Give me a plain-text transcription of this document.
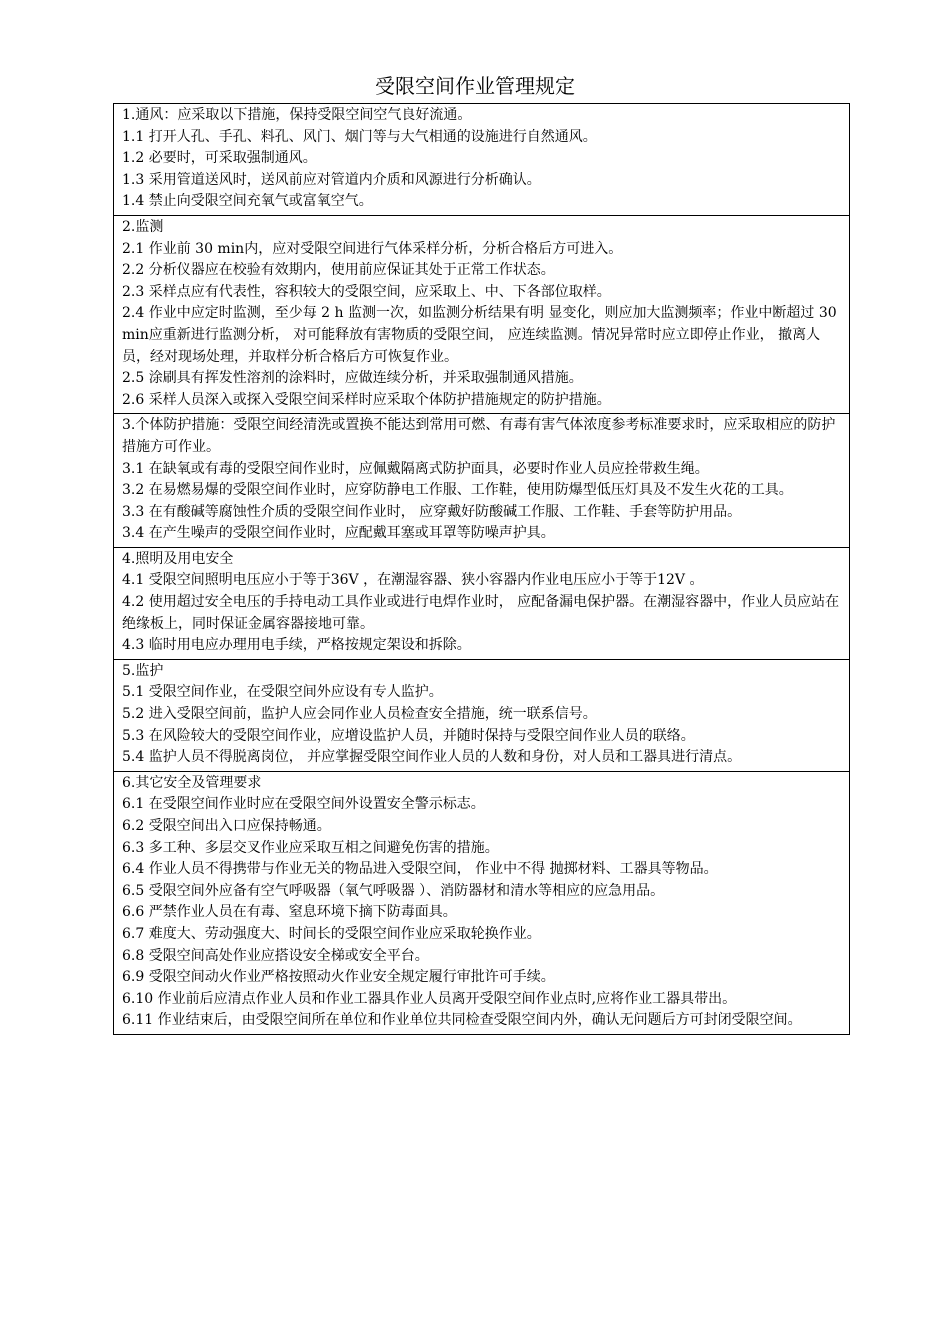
受限空间作业管理规定
1.通风：应采取以下措施，保持受限空间空气良好流通。
1.1 打开人孔、手孔、料孔、风门、烟门等与大气相通的设施进行自然通风。
1.2 必要时，可采取强制通风。
1.3 采用管道送风时，送风前应对管道内介质和风源进行分析确认。
1.4 禁止向受限空间充氧气或富氧空气。
2.监测
2.1 作业前 30 min内，应对受限空间进行气体采样分析，分析合格后方可进入。
2.2 分析仪器应在校验有效期内，使用前应保证其处于正常工作状态。
2.3 采样点应有代表性，容积较大的受限空间，应采取上、中、下各部位取样。
2.4 作业中应定时监测，至少每 2 h 监测一次，如监测分析结果有明 显变化，则应加大监测频率；作业中断超过 30 min应重新进行监测分析， 对可能释放有害物质的受限空间， 应连续监测。情况异常时应立即停止作业， 撤离人员，经对现场处理，并取样分析合格后方可恢复作业。
2.5 涂刷具有挥发性溶剂的涂料时，应做连续分析，并采取强制通风措施。
2.6 采样人员深入或探入受限空间采样时应采取个体防护措施规定的防护措施。
3.个体防护措施：受限空间经清洗或置换不能达到常用可燃、有毒有害气体浓度参考标准要求时，应采取相应的防护措施方可作业。
3.1 在缺氧或有毒的受限空间作业时，应佩戴隔离式防护面具，必要时作业人员应拴带救生绳。
3.2 在易燃易爆的受限空间作业时，应穿防静电工作服、工作鞋，使用防爆型低压灯具及不发生火花的工具。
3.3 在有酸碱等腐蚀性介质的受限空间作业时， 应穿戴好防酸碱工作服、工作鞋、手套等防护用品。
3.4 在产生噪声的受限空间作业时，应配戴耳塞或耳罩等防噪声护具。
4.照明及用电安全
4.1 受限空间照明电压应小于等于36V ，在潮湿容器、狭小容器内作业电压应小于等于12V 。
4.2 使用超过安全电压的手持电动工具作业或进行电焊作业时， 应配备漏电保护器。在潮湿容器中，作业人员应站在绝缘板上，同时保证金属容器接地可靠。
4.3 临时用电应办理用电手续，严格按规定架设和拆除。
5.监护
5.1 受限空间作业，在受限空间外应设有专人监护。
5.2 进入受限空间前，监护人应会同作业人员检查安全措施，统一联系信号。
5.3 在风险较大的受限空间作业，应增设监护人员，并随时保持与受限空间作业人员的联络。
5.4 监护人员不得脱离岗位， 并应掌握受限空间作业人员的人数和身份，对人员和工器具进行清点。
6.其它安全及管理要求
6.1 在受限空间作业时应在受限空间外设置安全警示标志。
6.2 受限空间出入口应保持畅通。
6.3 多工种、多层交叉作业应采取互相之间避免伤害的措施。
6.4 作业人员不得携带与作业无关的物品进入受限空间， 作业中不得 抛掷材料、工器具等物品。
6.5 受限空间外应备有空气呼吸器（氧气呼吸器 ）、消防器材和清水等相应的应急用品。
6.6 严禁作业人员在有毒、窒息环境下摘下防毒面具。
6.7 难度大、劳动强度大、时间长的受限空间作业应采取轮换作业。
6.8 受限空间高处作业应搭设安全梯或安全平台。
6.9 受限空间动火作业严格按照动火作业安全规定履行审批许可手续。
6.10 作业前后应清点作业人员和作业工器具作业人员离开受限空间作业点时,应将作业工器具带出。
6.11 作业结束后，由受限空间所在单位和作业单位共同检查受限空间内外，确认无问题后方可封闭受限空间。
